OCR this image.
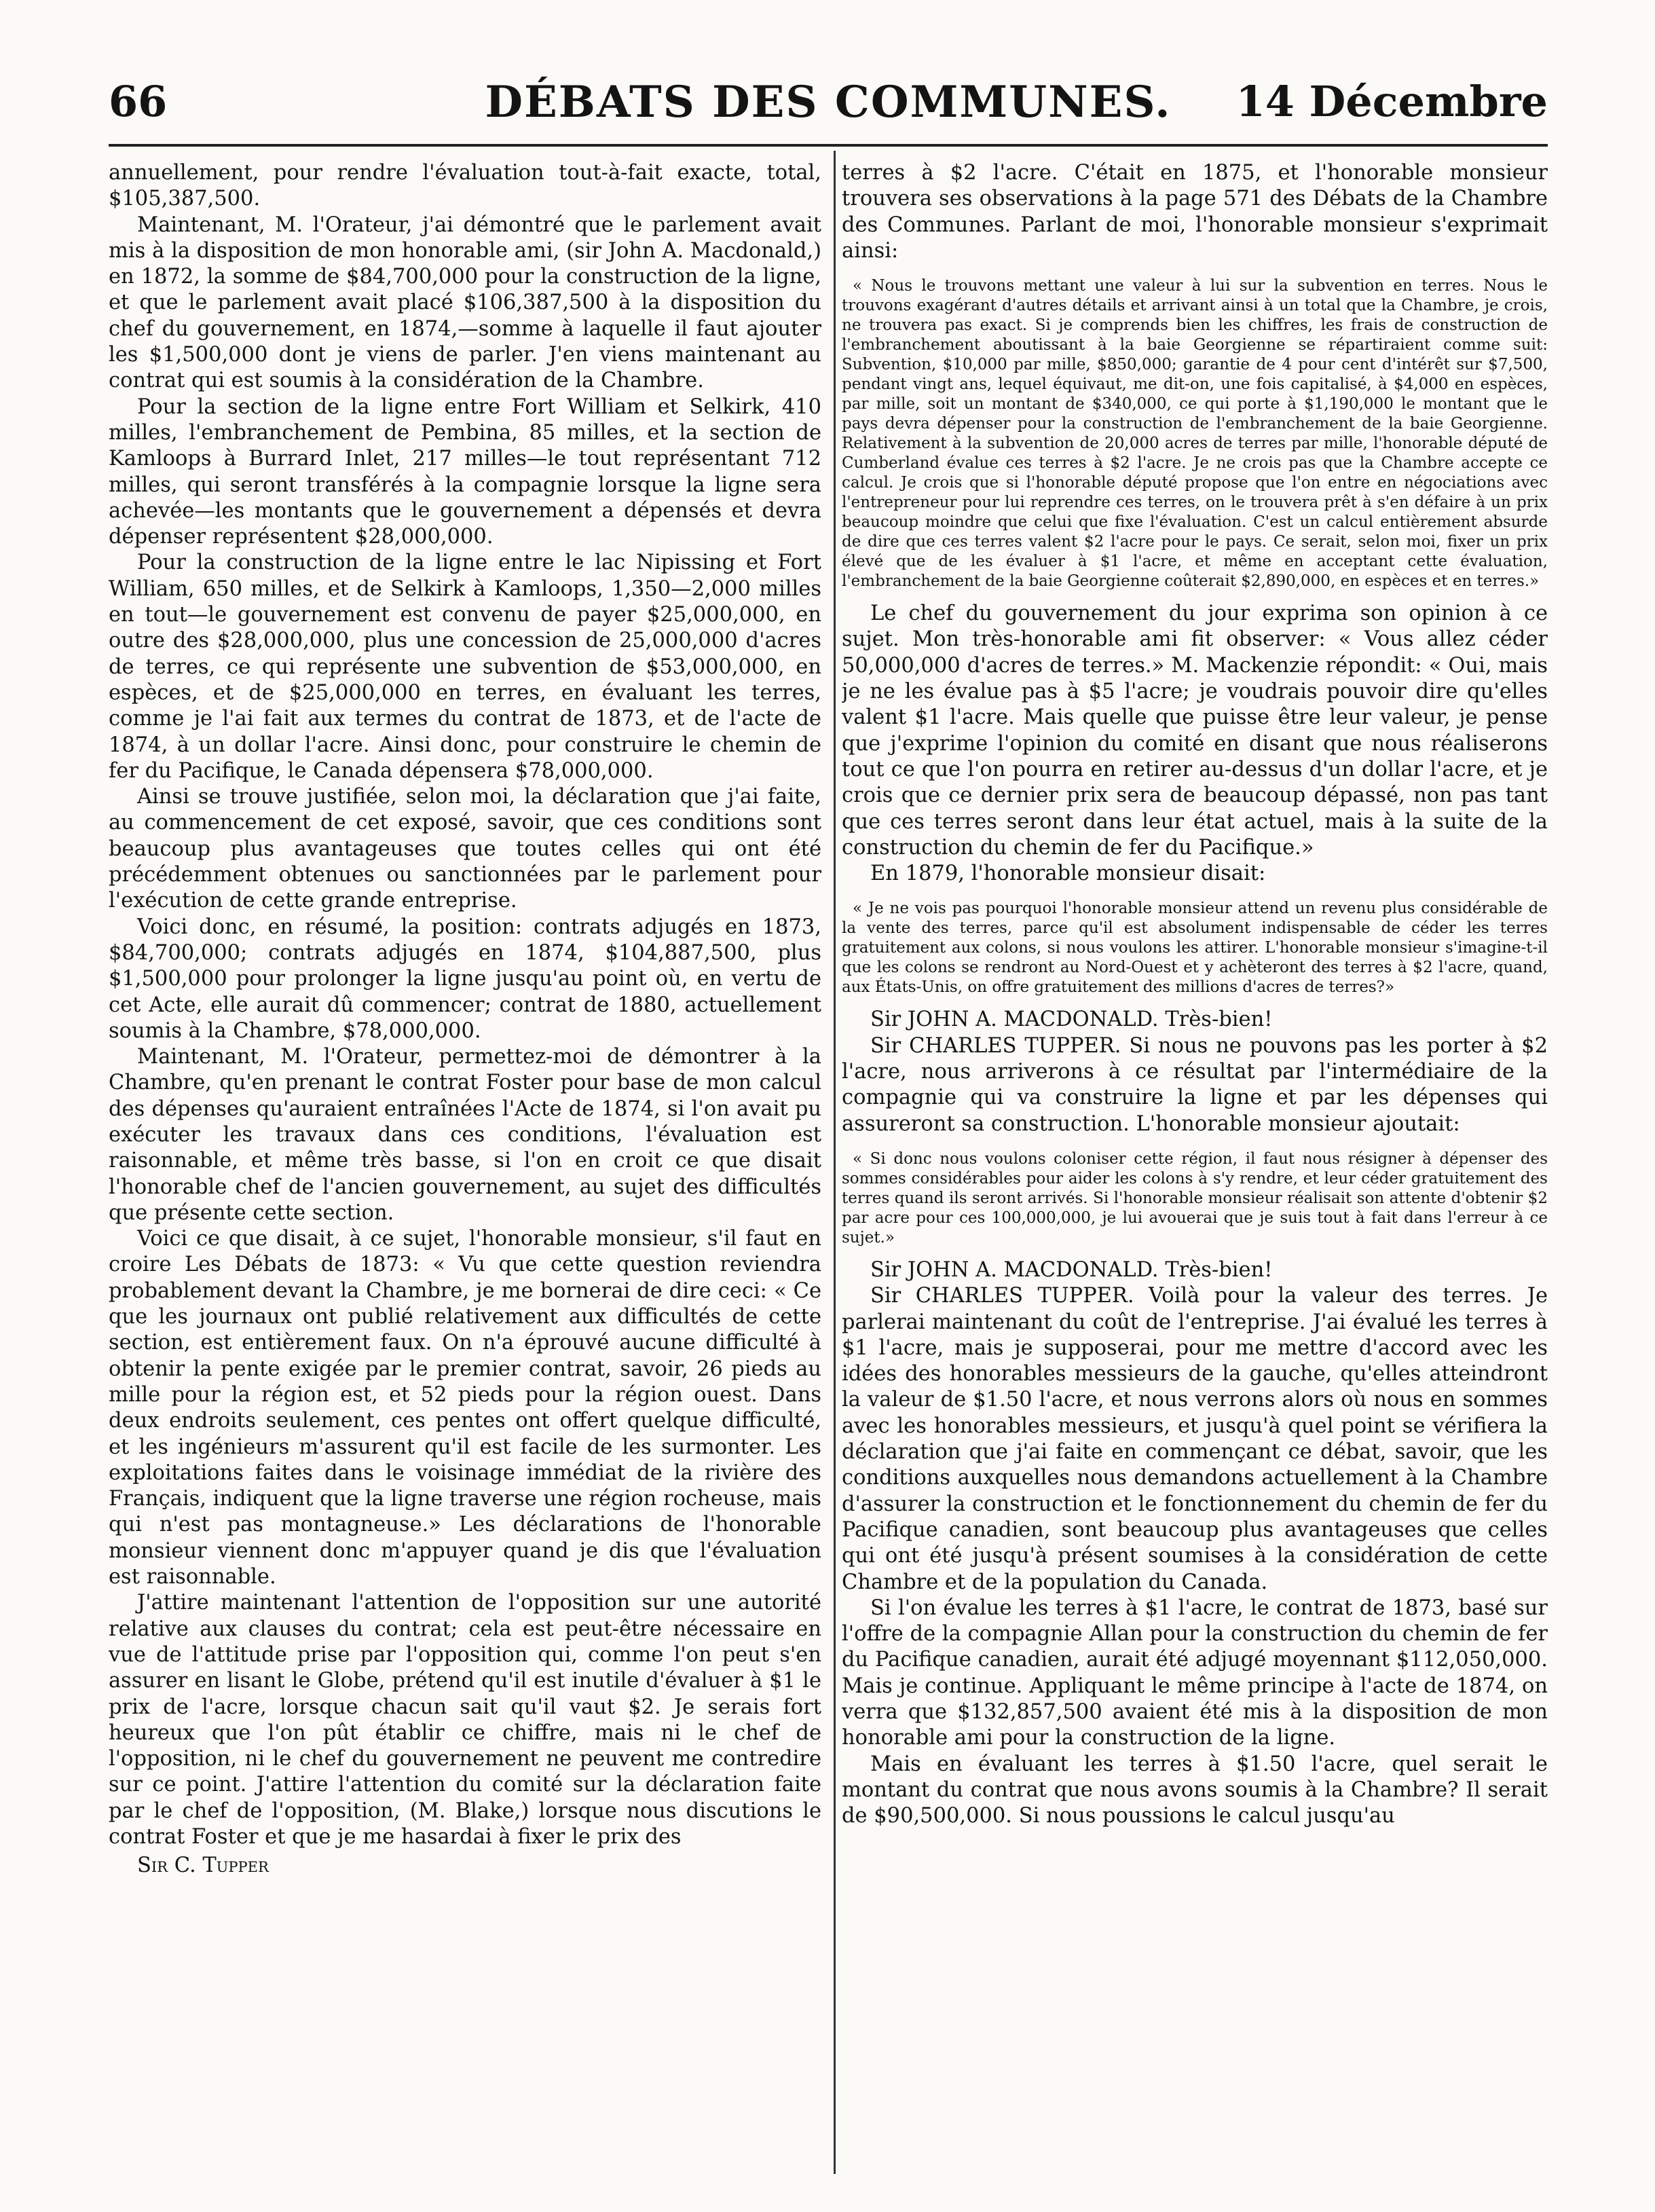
66	DÉBATS DES COMMUNES.	14 Décembre

annuellement, pour rendre l'évaluation tout-à-fait exacte, total, $105,387,500.

Maintenant, M. l'Orateur, j'ai démontré que le parlement avait mis à la disposition de mon honorable ami, (sir John A. Macdonald,) en 1872, la somme de $84,700,000 pour la construction de la ligne, et que le parlement avait placé $106,387,500 à la disposition du chef du gouvernement, en 1874,—somme à laquelle il faut ajouter les $1,500,000 dont je viens de parler. J'en viens maintenant au contrat qui est soumis à la considération de la Chambre.

Pour la section de la ligne entre Fort William et Selkirk, 410 milles, l'embranchement de Pembina, 85 milles, et la section de Kamloops à Burrard Inlet, 217 milles—le tout représentant 712 milles, qui seront transférés à la compagnie lorsque la ligne sera achevée—les montants que le gouvernement a dépensés et devra dépenser représentent $28,000,000.

Pour la construction de la ligne entre le lac Nipissing et Fort William, 650 milles, et de Selkirk à Kamloops, 1,350—2,000 milles en tout—le gouvernement est convenu de payer $25,000,000, en outre des $28,000,000, plus une concession de 25,000,000 d'acres de terres, ce qui représente une subvention de $53,000,000, en espèces, et de $25,000,000 en terres, en évaluant les terres, comme je l'ai fait aux termes du contrat de 1873, et de l'acte de 1874, à un dollar l'acre. Ainsi donc, pour construire le chemin de fer du Pacifique, le Canada dépensera $78,000,000.

Ainsi se trouve justifiée, selon moi, la déclaration que j'ai faite, au commencement de cet exposé, savoir, que ces conditions sont beaucoup plus avantageuses que toutes celles qui ont été précédemment obtenues ou sanctionnées par le parlement pour l'exécution de cette grande entreprise.

Voici donc, en résumé, la position: contrats adjugés en 1873, $84,700,000; contrats adjugés en 1874, $104,887,500, plus $1,500,000 pour prolonger la ligne jusqu'au point où, en vertu de cet Acte, elle aurait dû commencer; contrat de 1880, actuellement soumis à la Chambre, $78,000,000.

Maintenant, M. l'Orateur, permettez-moi de démontrer à la Chambre, qu'en prenant le contrat Foster pour base de mon calcul des dépenses qu'auraient entraînées l'Acte de 1874, si l'on avait pu exécuter les travaux dans ces conditions, l'évaluation est raisonnable, et même très basse, si l'on en croit ce que disait l'honorable chef de l'ancien gouvernement, au sujet des difficultés que présente cette section.

Voici ce que disait, à ce sujet, l'honorable monsieur, s'il faut en croire Les Débats de 1873: « Vu que cette question reviendra probablement devant la Chambre, je me bornerai de dire ceci: « Ce que les journaux ont publié relativement aux difficultés de cette section, est entièrement faux. On n'a éprouvé aucune difficulté à obtenir la pente exigée par le premier contrat, savoir, 26 pieds au mille pour la région est, et 52 pieds pour la région ouest. Dans deux endroits seulement, ces pentes ont offert quelque difficulté, et les ingénieurs m'assurent qu'il est facile de les surmonter. Les exploitations faites dans le voisinage immédiat de la rivière des Français, indiquent que la ligne traverse une région rocheuse, mais qui n'est pas montagneuse.» Les déclarations de l'honorable monsieur viennent donc m'appuyer quand je dis que l'évaluation est raisonnable.

J'attire maintenant l'attention de l'opposition sur une autorité relative aux clauses du contrat; cela est peut-être nécessaire en vue de l'attitude prise par l'opposition qui, comme l'on peut s'en assurer en lisant le Globe, prétend qu'il est inutile d'évaluer à $1 le prix de l'acre, lorsque chacun sait qu'il vaut $2. Je serais fort heureux que l'on pût établir ce chiffre, mais ni le chef de l'opposition, ni le chef du gouvernement ne peuvent me contredire sur ce point. J'attire l'attention du comité sur la déclaration faite par le chef de l'opposition, (M. Blake,) lorsque nous discutions le contrat Foster et que je me hasardai à fixer le prix des

Sir C. Tupper

terres à $2 l'acre. C'était en 1875, et l'honorable monsieur trouvera ses observations à la page 571 des Débats de la Chambre des Communes. Parlant de moi, l'honorable monsieur s'exprimait ainsi:

« Nous le trouvons mettant une valeur à lui sur la subvention en terres. Nous le trouvons exagérant d'autres détails et arrivant ainsi à un total que la Chambre, je crois, ne trouvera pas exact. Si je comprends bien les chiffres, les frais de construction de l'embranchement aboutissant à la baie Georgienne se répartiraient comme suit: Subvention, $10,000 par mille, $850,000; garantie de 4 pour cent d'intérêt sur $7,500, pendant vingt ans, lequel équivaut, me dit-on, une fois capitalisé, à $4,000 en espèces, par mille, soit un montant de $340,000, ce qui porte à $1,190,000 le montant que le pays devra dépenser pour la construction de l'embranchement de la baie Georgienne. Relativement à la subvention de 20,000 acres de terres par mille, l'honorable député de Cumberland évalue ces terres à $2 l'acre. Je ne crois pas que la Chambre accepte ce calcul. Je crois que si l'honorable député propose que l'on entre en négociations avec l'entrepreneur pour lui reprendre ces terres, on le trouvera prêt à s'en défaire à un prix beaucoup moindre que celui que fixe l'évaluation. C'est un calcul entièrement absurde de dire que ces terres valent $2 l'acre pour le pays. Ce serait, selon moi, fixer un prix élevé que de les évaluer à $1 l'acre, et même en acceptant cette évaluation, l'embranchement de la baie Georgienne coûterait $2,890,000, en espèces et en terres.»

Le chef du gouvernement du jour exprima son opinion à ce sujet. Mon très-honorable ami fit observer: « Vous allez céder 50,000,000 d'acres de terres.» M. Mackenzie répondit: « Oui, mais je ne les évalue pas à $5 l'acre; je voudrais pouvoir dire qu'elles valent $1 l'acre. Mais quelle que puisse être leur valeur, je pense que j'exprime l'opinion du comité en disant que nous réaliserons tout ce que l'on pourra en retirer au-dessus d'un dollar l'acre, et je crois que ce dernier prix sera de beaucoup dépassé, non pas tant que ces terres seront dans leur état actuel, mais à la suite de la construction du chemin de fer du Pacifique.»

En 1879, l'honorable monsieur disait:

« Je ne vois pas pourquoi l'honorable monsieur attend un revenu plus considérable de la vente des terres, parce qu'il est absolument indispensable de céder les terres gratuitement aux colons, si nous voulons les attirer. L'honorable monsieur s'imagine-t-il que les colons se rendront au Nord-Ouest et y achèteront des terres à $2 l'acre, quand, aux États-Unis, on offre gratuitement des millions d'acres de terres?»

Sir JOHN A. MACDONALD. Très-bien!

Sir CHARLES TUPPER. Si nous ne pouvons pas les porter à $2 l'acre, nous arriverons à ce résultat par l'intermédiaire de la compagnie qui va construire la ligne et par les dépenses qui assureront sa construction. L'honorable monsieur ajoutait:

« Si donc nous voulons coloniser cette région, il faut nous résigner à dépenser des sommes considérables pour aider les colons à s'y rendre, et leur céder gratuitement des terres quand ils seront arrivés. Si l'honorable monsieur réalisait son attente d'obtenir $2 par acre pour ces 100,000,000, je lui avouerai que je suis tout à fait dans l'erreur à ce sujet.»

Sir JOHN A. MACDONALD. Très-bien!

Sir CHARLES TUPPER. Voilà pour la valeur des terres. Je parlerai maintenant du coût de l'entreprise. J'ai évalué les terres à $1 l'acre, mais je supposerai, pour me mettre d'accord avec les idées des honorables messieurs de la gauche, qu'elles atteindront la valeur de $1.50 l'acre, et nous verrons alors où nous en sommes avec les honorables messieurs, et jusqu'à quel point se vérifiera la déclaration que j'ai faite en commençant ce débat, savoir, que les conditions auxquelles nous demandons actuellement à la Chambre d'assurer la construction et le fonctionnement du chemin de fer du Pacifique canadien, sont beaucoup plus avantageuses que celles qui ont été jusqu'à présent soumises à la considération de cette Chambre et de la population du Canada.

Si l'on évalue les terres à $1 l'acre, le contrat de 1873, basé sur l'offre de la compagnie Allan pour la construction du chemin de fer du Pacifique canadien, aurait été adjugé moyennant $112,050,000. Mais je continue. Appliquant le même principe à l'acte de 1874, on verra que $132,857,500 avaient été mis à la disposition de mon honorable ami pour la construction de la ligne.

Mais en évaluant les terres à $1.50 l'acre, quel serait le montant du contrat que nous avons soumis à la Chambre? Il serait de $90,500,000. Si nous poussions le calcul jusqu'au
